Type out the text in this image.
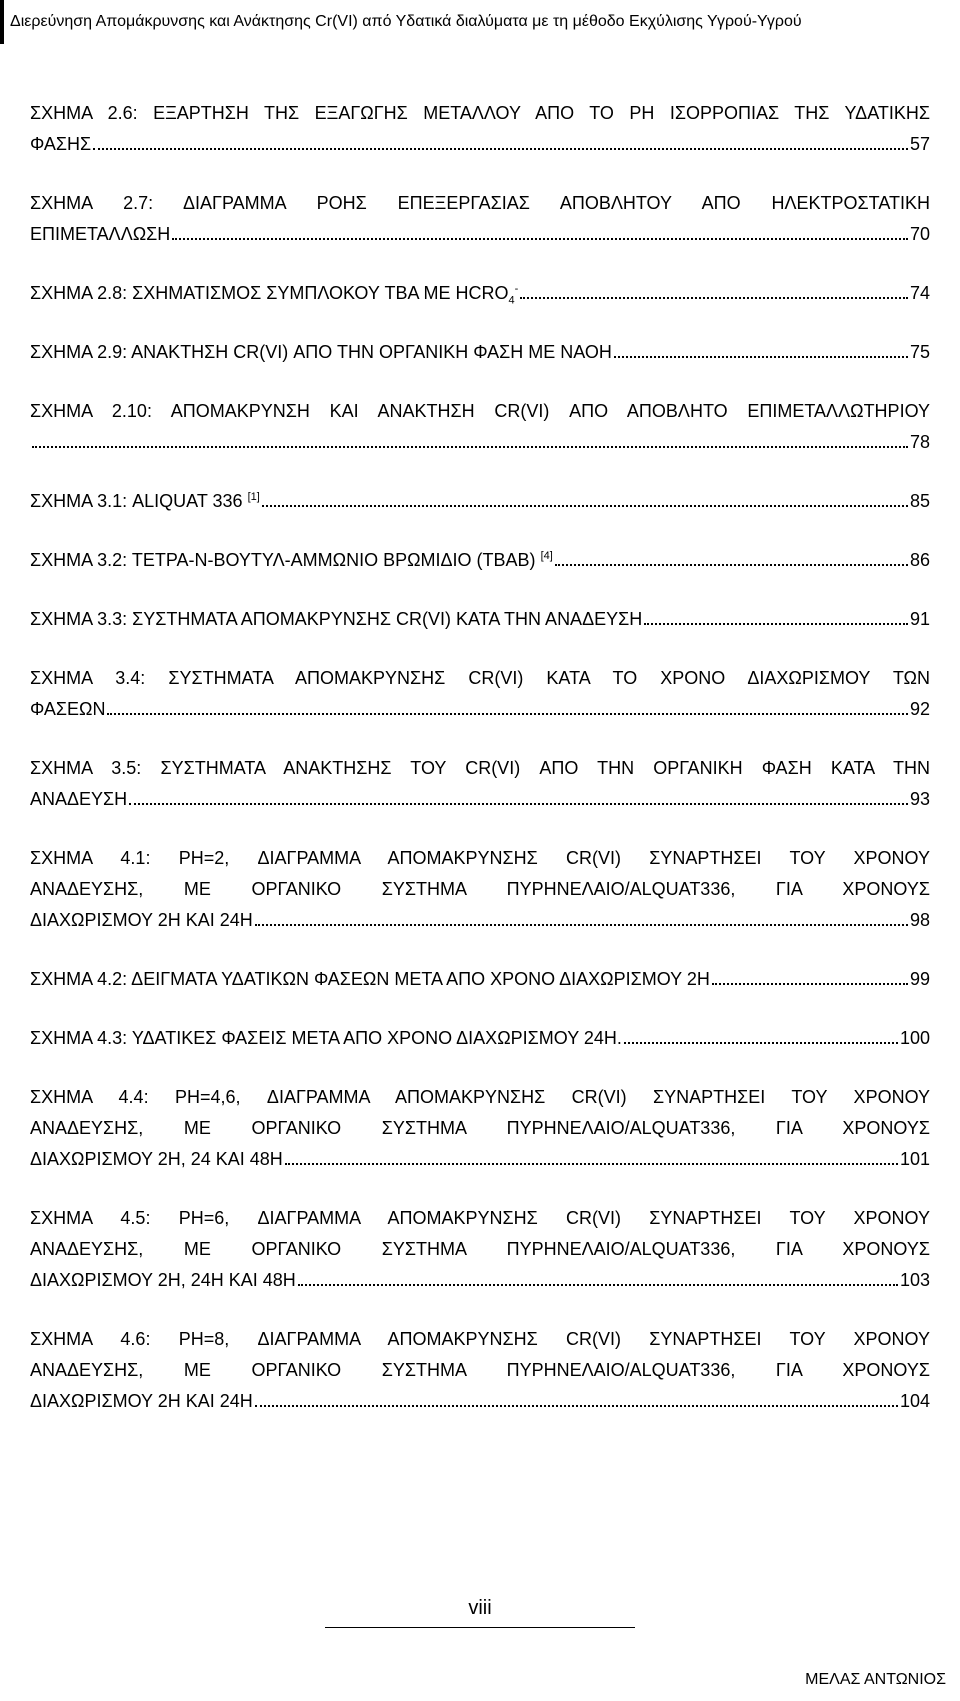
Διερεύνηση Απομάκρυνσης και Ανάκτησης Cr(VI) από Υδατικά διαλύματα με τη μέθοδο Εκχύλισης Υγρού-Υγρού
ΣΧΗΜΑ 2.6: ΕΞΑΡΤΗΣΗ ΤΗΣ ΕΞΑΓΩΓΗΣ ΜΕΤΑΛΛΟΥ ΑΠΟ ΤΟ PH ΙΣΟΡΡΟΠΙΑΣ ΤΗΣ ΥΔΑΤΙΚΗΣ
ΦΑΣΗΣ	57
ΣΧΗΜΑ 2.7: ΔΙΑΓΡΑΜΜΑ ΡΟΗΣ ΕΠΕΞΕΡΓΑΣΙΑΣ ΑΠΟΒΛΗΤΟΥ ΑΠΟ ΗΛΕΚΤΡΟΣΤΑΤΙΚΗ
ΕΠΙΜΕΤΑΛΛΩΣΗ	70
ΣΧΗΜΑ 2.8: ΣΧΗΜΑΤΙΣΜΟΣ ΣΥΜΠΛΟΚΟΥ TBA ΜΕ $HCRO_4^-$	74
ΣΧΗΜΑ 2.9: ΑΝΑΚΤΗΣΗ CR(VI) ΑΠΟ ΤΗΝ ΟΡΓΑΝΙΚΗ ΦΑΣΗ ΜΕ ΝΑΟΗ	75
ΣΧΗΜΑ 2.10: ΑΠΟΜΑΚΡΥΝΣΗ ΚΑΙ ΑΝΑΚΤΗΣΗ CR(VI) ΑΠΟ ΑΠΟΒΛΗΤΟ ΕΠΙΜΕΤΑΛΛΩΤΗΡΙΟΥ
78
ΣΧΗΜΑ 3.1: ALIQUAT 336 [1]	85
ΣΧΗΜΑ 3.2: ΤΕΤΡΑ-Ν-ΒΟΥΤΥΛ-ΑΜΜΩΝΙΟ ΒΡΩΜΙΔΙΟ (TBAB) [4]	86
ΣΧΗΜΑ 3.3: ΣΥΣΤΗΜΑΤΑ ΑΠΟΜΑΚΡΥΝΣΗΣ CR(VI) ΚΑΤΑ ΤΗΝ ΑΝΑΔΕΥΣΗ	91
ΣΧΗΜΑ 3.4: ΣΥΣΤΗΜΑΤΑ ΑΠΟΜΑΚΡΥΝΣΗΣ CR(VI) ΚΑΤΑ ΤΟ ΧΡΟΝΟ ΔΙΑΧΩΡΙΣΜΟΥ ΤΩΝ
ΦΑΣΕΩΝ	92
ΣΧΗΜΑ 3.5: ΣΥΣΤΗΜΑΤΑ ΑΝΑΚΤΗΣΗΣ ΤΟΥ CR(VI) ΑΠΟ ΤΗΝ ΟΡΓΑΝΙΚΗ ΦΑΣΗ ΚΑΤΑ ΤΗΝ
ΑΝΑΔΕΥΣΗ	93
ΣΧΗΜΑ 4.1: PH=2, ΔΙΑΓΡΑΜΜΑ ΑΠΟΜΑΚΡΥΝΣΗΣ CR(VI) ΣΥΝΑΡΤΗΣΕΙ ΤΟΥ ΧΡΟΝΟΥ
ΑΝΑΔΕΥΣΗΣ, ΜΕ ΟΡΓΑΝΙΚΟ ΣΥΣΤΗΜΑ ΠΥΡΗΝΕΛΑΙΟ/ALQUAT336, ΓΙΑ ΧΡΟΝΟΥΣ
ΔΙΑΧΩΡΙΣΜΟΥ 2Η ΚΑΙ 24Η	98
ΣΧΗΜΑ 4.2: ΔΕΙΓΜΑΤΑ ΥΔΑΤΙΚΩΝ ΦΑΣΕΩΝ ΜΕΤΑ ΑΠΟ ΧΡΟΝΟ ΔΙΑΧΩΡΙΣΜΟΥ 2Η	99
ΣΧΗΜΑ 4.3: ΥΔΑΤΙΚΕΣ ΦΑΣΕΙΣ ΜΕΤΑ ΑΠΟ ΧΡΟΝΟ ΔΙΑΧΩΡΙΣΜΟΥ 24Η.	100
ΣΧΗΜΑ 4.4: PH=4,6, ΔΙΑΓΡΑΜΜΑ ΑΠΟΜΑΚΡΥΝΣΗΣ CR(VI) ΣΥΝΑΡΤΗΣΕΙ ΤΟΥ ΧΡΟΝΟΥ
ΑΝΑΔΕΥΣΗΣ, ΜΕ ΟΡΓΑΝΙΚΟ ΣΥΣΤΗΜΑ ΠΥΡΗΝΕΛΑΙΟ/ALQUAT336, ΓΙΑ ΧΡΟΝΟΥΣ
ΔΙΑΧΩΡΙΣΜΟΥ 2Η, 24 ΚΑΙ 48Η	101
ΣΧΗΜΑ 4.5: PH=6, ΔΙΑΓΡΑΜΜΑ ΑΠΟΜΑΚΡΥΝΣΗΣ CR(VI) ΣΥΝΑΡΤΗΣΕΙ ΤΟΥ ΧΡΟΝΟΥ
ΑΝΑΔΕΥΣΗΣ, ΜΕ ΟΡΓΑΝΙΚΟ ΣΥΣΤΗΜΑ ΠΥΡΗΝΕΛΑΙΟ/ALQUAT336, ΓΙΑ ΧΡΟΝΟΥΣ
ΔΙΑΧΩΡΙΣΜΟΥ 2Η, 24Η ΚΑΙ 48Η	103
ΣΧΗΜΑ 4.6: PH=8, ΔΙΑΓΡΑΜΜΑ ΑΠΟΜΑΚΡΥΝΣΗΣ CR(VI) ΣΥΝΑΡΤΗΣΕΙ ΤΟΥ ΧΡΟΝΟΥ
ΑΝΑΔΕΥΣΗΣ, ΜΕ ΟΡΓΑΝΙΚΟ ΣΥΣΤΗΜΑ ΠΥΡΗΝΕΛΑΙΟ/ALQUAT336, ΓΙΑ ΧΡΟΝΟΥΣ
ΔΙΑΧΩΡΙΣΜΟΥ 2Η ΚΑΙ 24Η	104
viii
ΜΕΛΑΣ ΑΝΤΩΝΙΟΣ
